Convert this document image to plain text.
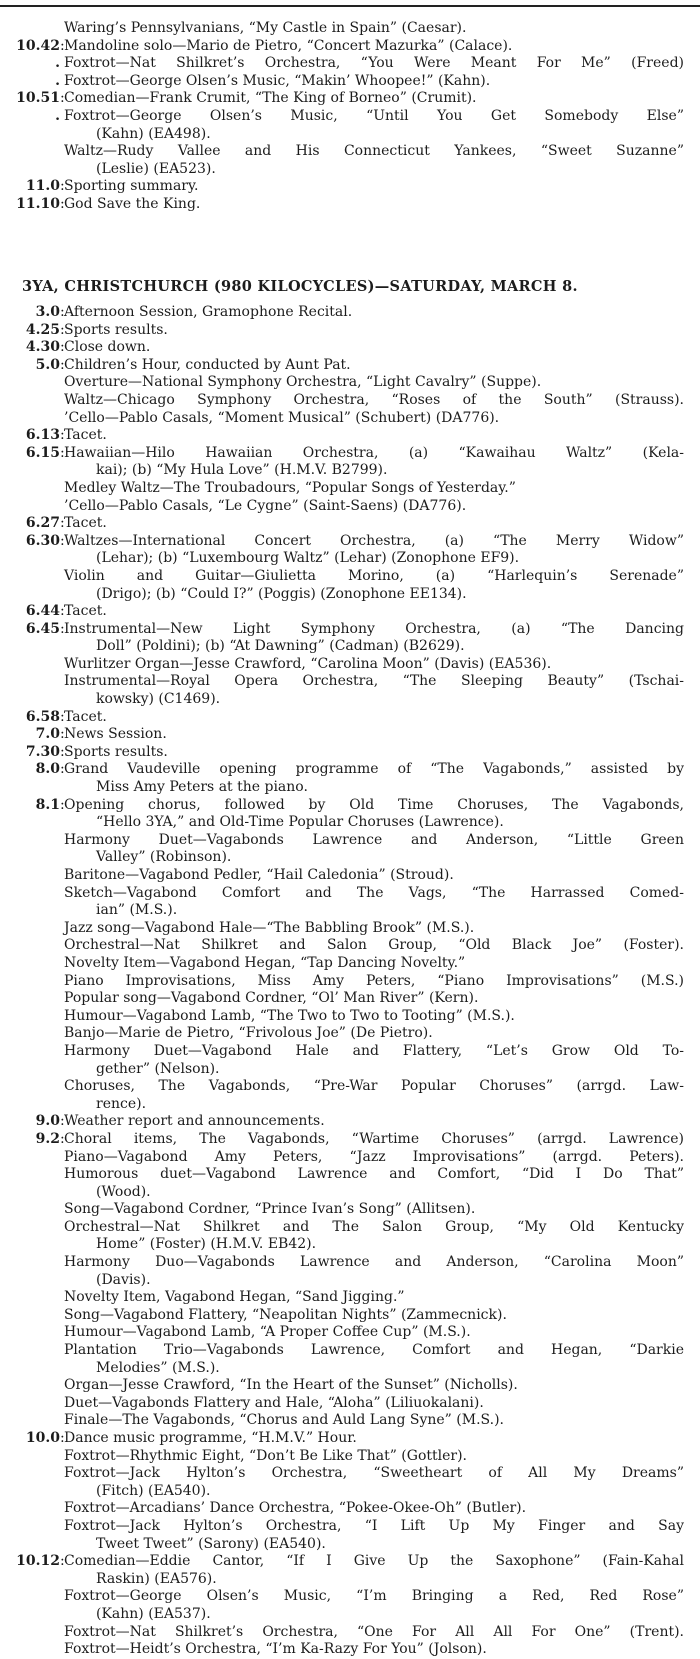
Waring’s Pennsylvanians, “My Castle in Spain” (Caesar).
10.42 : Mandoline solo—Mario de Pietro, “Concert Mazurka” (Calace).
. Foxtrot—Nat Shilkret’s Orchestra, “You Were Meant For Me” (Freed)
. Foxtrot—George Olsen’s Music, “Makin’ Whoopee!” (Kahn).
10.51 : Comedian—Frank Crumit, “The King of Borneo” (Crumit).
. Foxtrot—George Olsen’s Music, “Until You Get Somebody Else”
(Kahn) (EA498).
Waltz—Rudy Vallee and His Connecticut Yankees, “Sweet Suzanne”
(Leslie) (EA523).
11.0 : Sporting summary.
11.10 : God Save the King.
3YA, CHRISTCHURCH (980 KILOCYCLES)—SATURDAY, MARCH 8.
3.0 : Afternoon Session, Gramophone Recital.
4.25 : Sports results.
4.30 : Close down.
5.0 : Children’s Hour, conducted by Aunt Pat.
Overture—National Symphony Orchestra, “Light Cavalry” (Suppe).
Waltz—Chicago Symphony Orchestra, “Roses of the South” (Strauss).
’Cello—Pablo Casals, “Moment Musical” (Schubert) (DA776).
6.13 : Tacet.
6.15 : Hawaiian—Hilo Hawaiian Orchestra, (a) “Kawaihau Waltz” (Kela-
kai); (b) “My Hula Love” (H.M.V. B2799).
Medley Waltz—The Troubadours, “Popular Songs of Yesterday.”
’Cello—Pablo Casals, “Le Cygne” (Saint-Saens) (DA776).
6.27 : Tacet.
6.30 : Waltzes—International Concert Orchestra, (a) “The Merry Widow”
(Lehar); (b) “Luxembourg Waltz” (Lehar) (Zonophone EF9).
Violin and Guitar—Giulietta Morino, (a) “Harlequin’s Serenade”
(Drigo); (b) “Could I?” (Poggis) (Zonophone EE134).
6.44 : Tacet.
6.45 : Instrumental—New Light Symphony Orchestra, (a) “The Dancing
Doll” (Poldini); (b) “At Dawning” (Cadman) (B2629).
Wurlitzer Organ—Jesse Crawford, “Carolina Moon” (Davis) (EA536).
Instrumental—Royal Opera Orchestra, “The Sleeping Beauty” (Tschai-
kowsky) (C1469).
6.58 : Tacet.
7.0 : News Session.
7.30 : Sports results.
8.0 : Grand Vaudeville opening programme of “The Vagabonds,” assisted by
Miss Amy Peters at the piano.
8.1 : Opening chorus, followed by Old Time Choruses, The Vagabonds,
“Hello 3YA,” and Old-Time Popular Choruses (Lawrence).
Harmony Duet—Vagabonds Lawrence and Anderson, “Little Green
Valley” (Robinson).
Baritone—Vagabond Pedler, “Hail Caledonia” (Stroud).
Sketch—Vagabond Comfort and The Vags, “The Harrassed Comed-
ian” (M.S.).
Jazz song—Vagabond Hale—“The Babbling Brook” (M.S.).
Orchestral—Nat Shilkret and Salon Group, “Old Black Joe” (Foster).
Novelty Item—Vagabond Hegan, “Tap Dancing Novelty.”
Piano Improvisations, Miss Amy Peters, “Piano Improvisations” (M.S.)
Popular song—Vagabond Cordner, “Ol’ Man River” (Kern).
Humour—Vagabond Lamb, “The Two to Two to Tooting” (M.S.).
Banjo—Marie de Pietro, “Frivolous Joe” (De Pietro).
Harmony Duet—Vagabond Hale and Flattery, “Let’s Grow Old To-
gether” (Nelson).
Choruses, The Vagabonds, “Pre-War Popular Choruses” (arrgd. Law-
rence).
9.0 : Weather report and announcements.
9.2 : Choral items, The Vagabonds, “Wartime Choruses” (arrgd. Lawrence)
Piano—Vagabond Amy Peters, “Jazz Improvisations” (arrgd. Peters).
Humorous duet—Vagabond Lawrence and Comfort, “Did I Do That”
(Wood).
Song—Vagabond Cordner, “Prince Ivan’s Song” (Allitsen).
Orchestral—Nat Shilkret and The Salon Group, “My Old Kentucky
Home” (Foster) (H.M.V. EB42).
Harmony Duo—Vagabonds Lawrence and Anderson, “Carolina Moon”
(Davis).
Novelty Item, Vagabond Hegan, “Sand Jigging.”
Song—Vagabond Flattery, “Neapolitan Nights” (Zammecnick).
Humour—Vagabond Lamb, “A Proper Coffee Cup” (M.S.).
Plantation Trio—Vagabonds Lawrence, Comfort and Hegan, “Darkie
Melodies” (M.S.).
Organ—Jesse Crawford, “In the Heart of the Sunset” (Nicholls).
Duet—Vagabonds Flattery and Hale, “Aloha” (Liliuokalani).
Finale—The Vagabonds, “Chorus and Auld Lang Syne” (M.S.).
10.0 : Dance music programme, “H.M.V.” Hour.
Foxtrot—Rhythmic Eight, “Don’t Be Like That” (Gottler).
Foxtrot—Jack Hylton’s Orchestra, “Sweetheart of All My Dreams”
(Fitch) (EA540).
Foxtrot—Arcadians’ Dance Orchestra, “Pokee-Okee-Oh” (Butler).
Foxtrot—Jack Hylton’s Orchestra, “I Lift Up My Finger and Say
Tweet Tweet” (Sarony) (EA540).
10.12 : Comedian—Eddie Cantor, “If I Give Up the Saxophone” (Fain-Kahal
Raskin) (EA576).
Foxtrot—George Olsen’s Music, “I’m Bringing a Red, Red Rose”
(Kahn) (EA537).
Foxtrot—Nat Shilkret’s Orchestra, “One For All All For One” (Trent).
Foxtrot—Heidt’s Orchestra, “I’m Ka-Razy For You” (Jolson).
